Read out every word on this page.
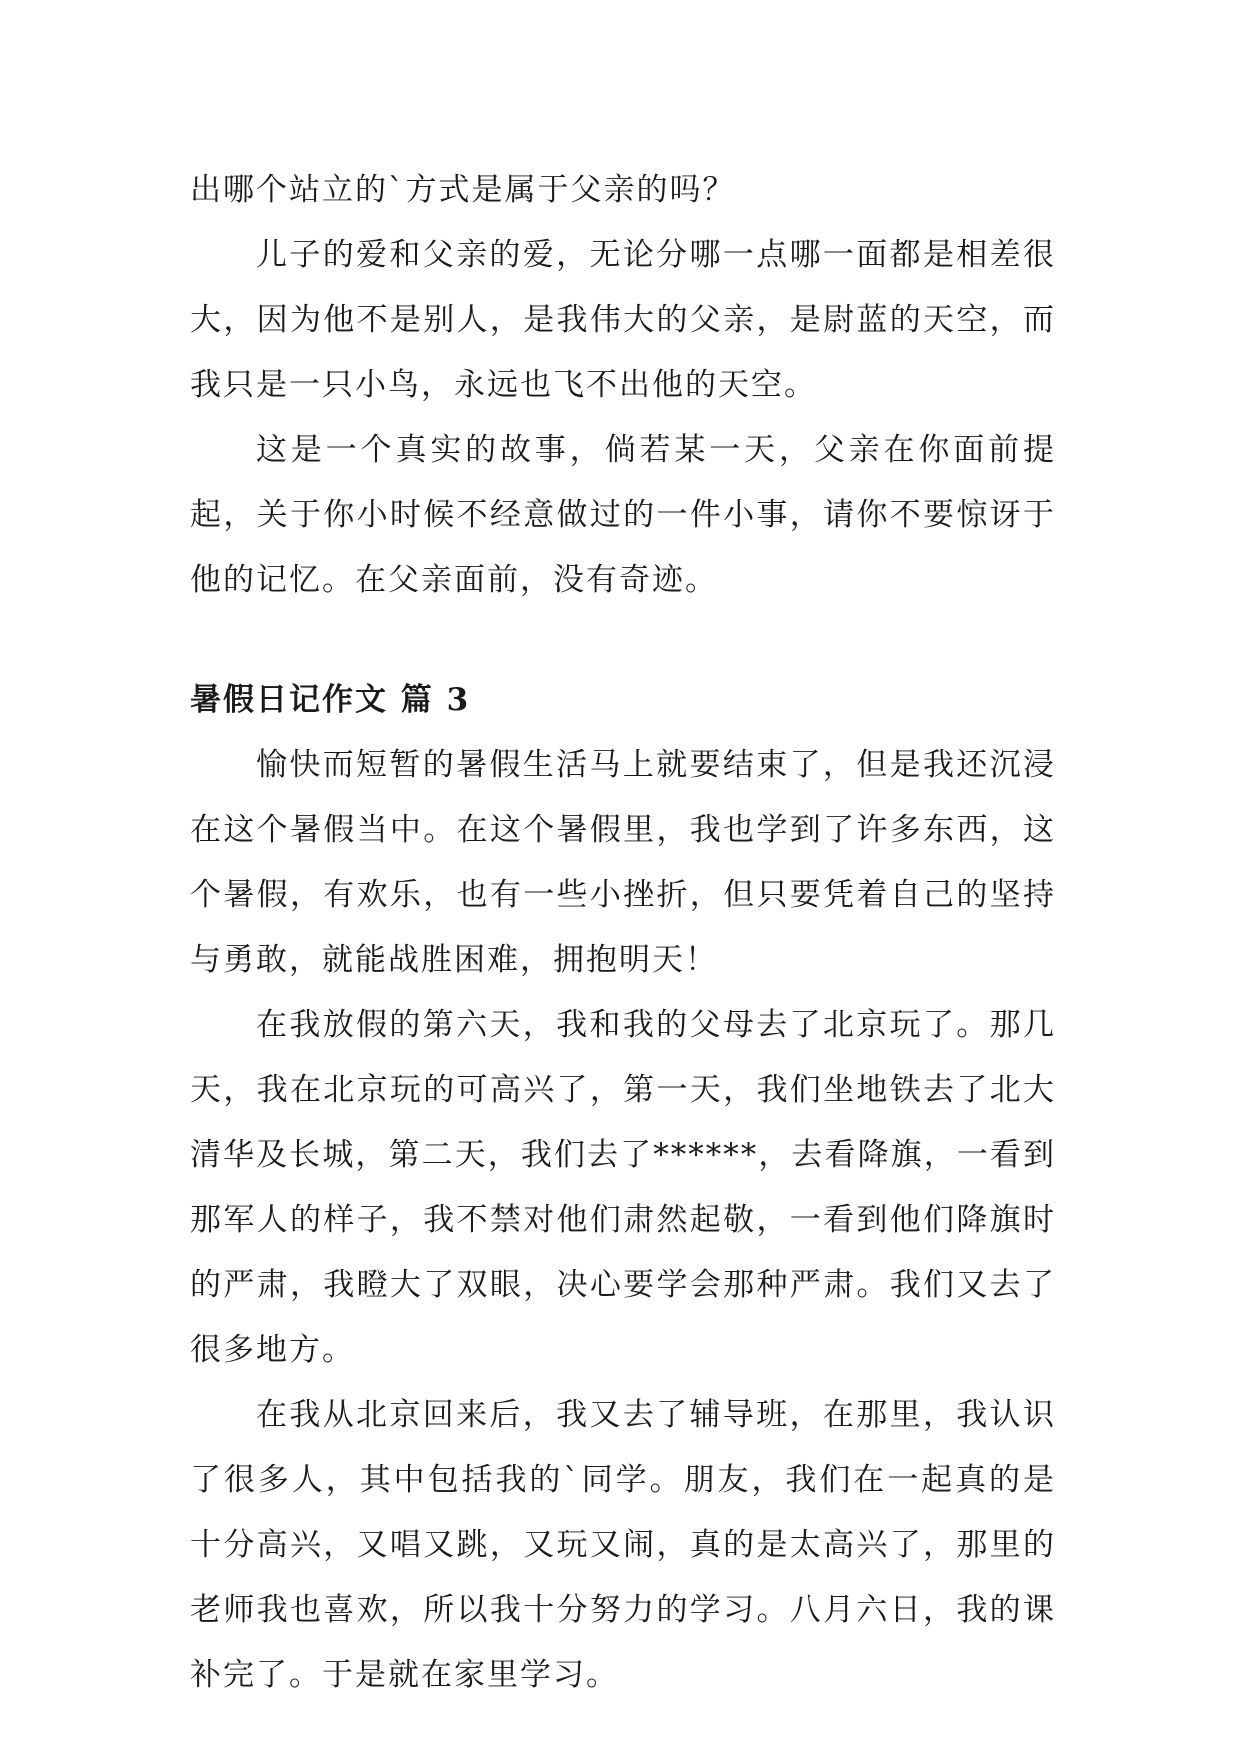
出哪个站立的`方式是属于父亲的吗？

儿子的爱和父亲的爱，无论分哪一点哪一面都是相差很大，因为他不是别人，是我伟大的父亲，是尉蓝的天空，而我只是一只小鸟，永远也飞不出他的天空。

这是一个真实的故事，倘若某一天，父亲在你面前提起，关于你小时候不经意做过的一件小事，请你不要惊讶于他的记忆。在父亲面前，没有奇迹。

暑假日记作文 篇 3

愉快而短暂的暑假生活马上就要结束了，但是我还沉浸在这个暑假当中。在这个暑假里，我也学到了许多东西，这个暑假，有欢乐，也有一些小挫折，但只要凭着自己的坚持与勇敢，就能战胜困难，拥抱明天！

在我放假的第六天，我和我的父母去了北京玩了。那几天，我在北京玩的可高兴了，第一天，我们坐地铁去了北大清华及长城，第二天，我们去了******，去看降旗，一看到那军人的样子，我不禁对他们肃然起敬，一看到他们降旗时的严肃，我瞪大了双眼，决心要学会那种严肃。我们又去了很多地方。

在我从北京回来后，我又去了辅导班，在那里，我认识了很多人，其中包括我的`同学。朋友，我们在一起真的是十分高兴，又唱又跳，又玩又闹，真的是太高兴了，那里的老师我也喜欢，所以我十分努力的学习。八月六日，我的课补完了。于是就在家里学习。
